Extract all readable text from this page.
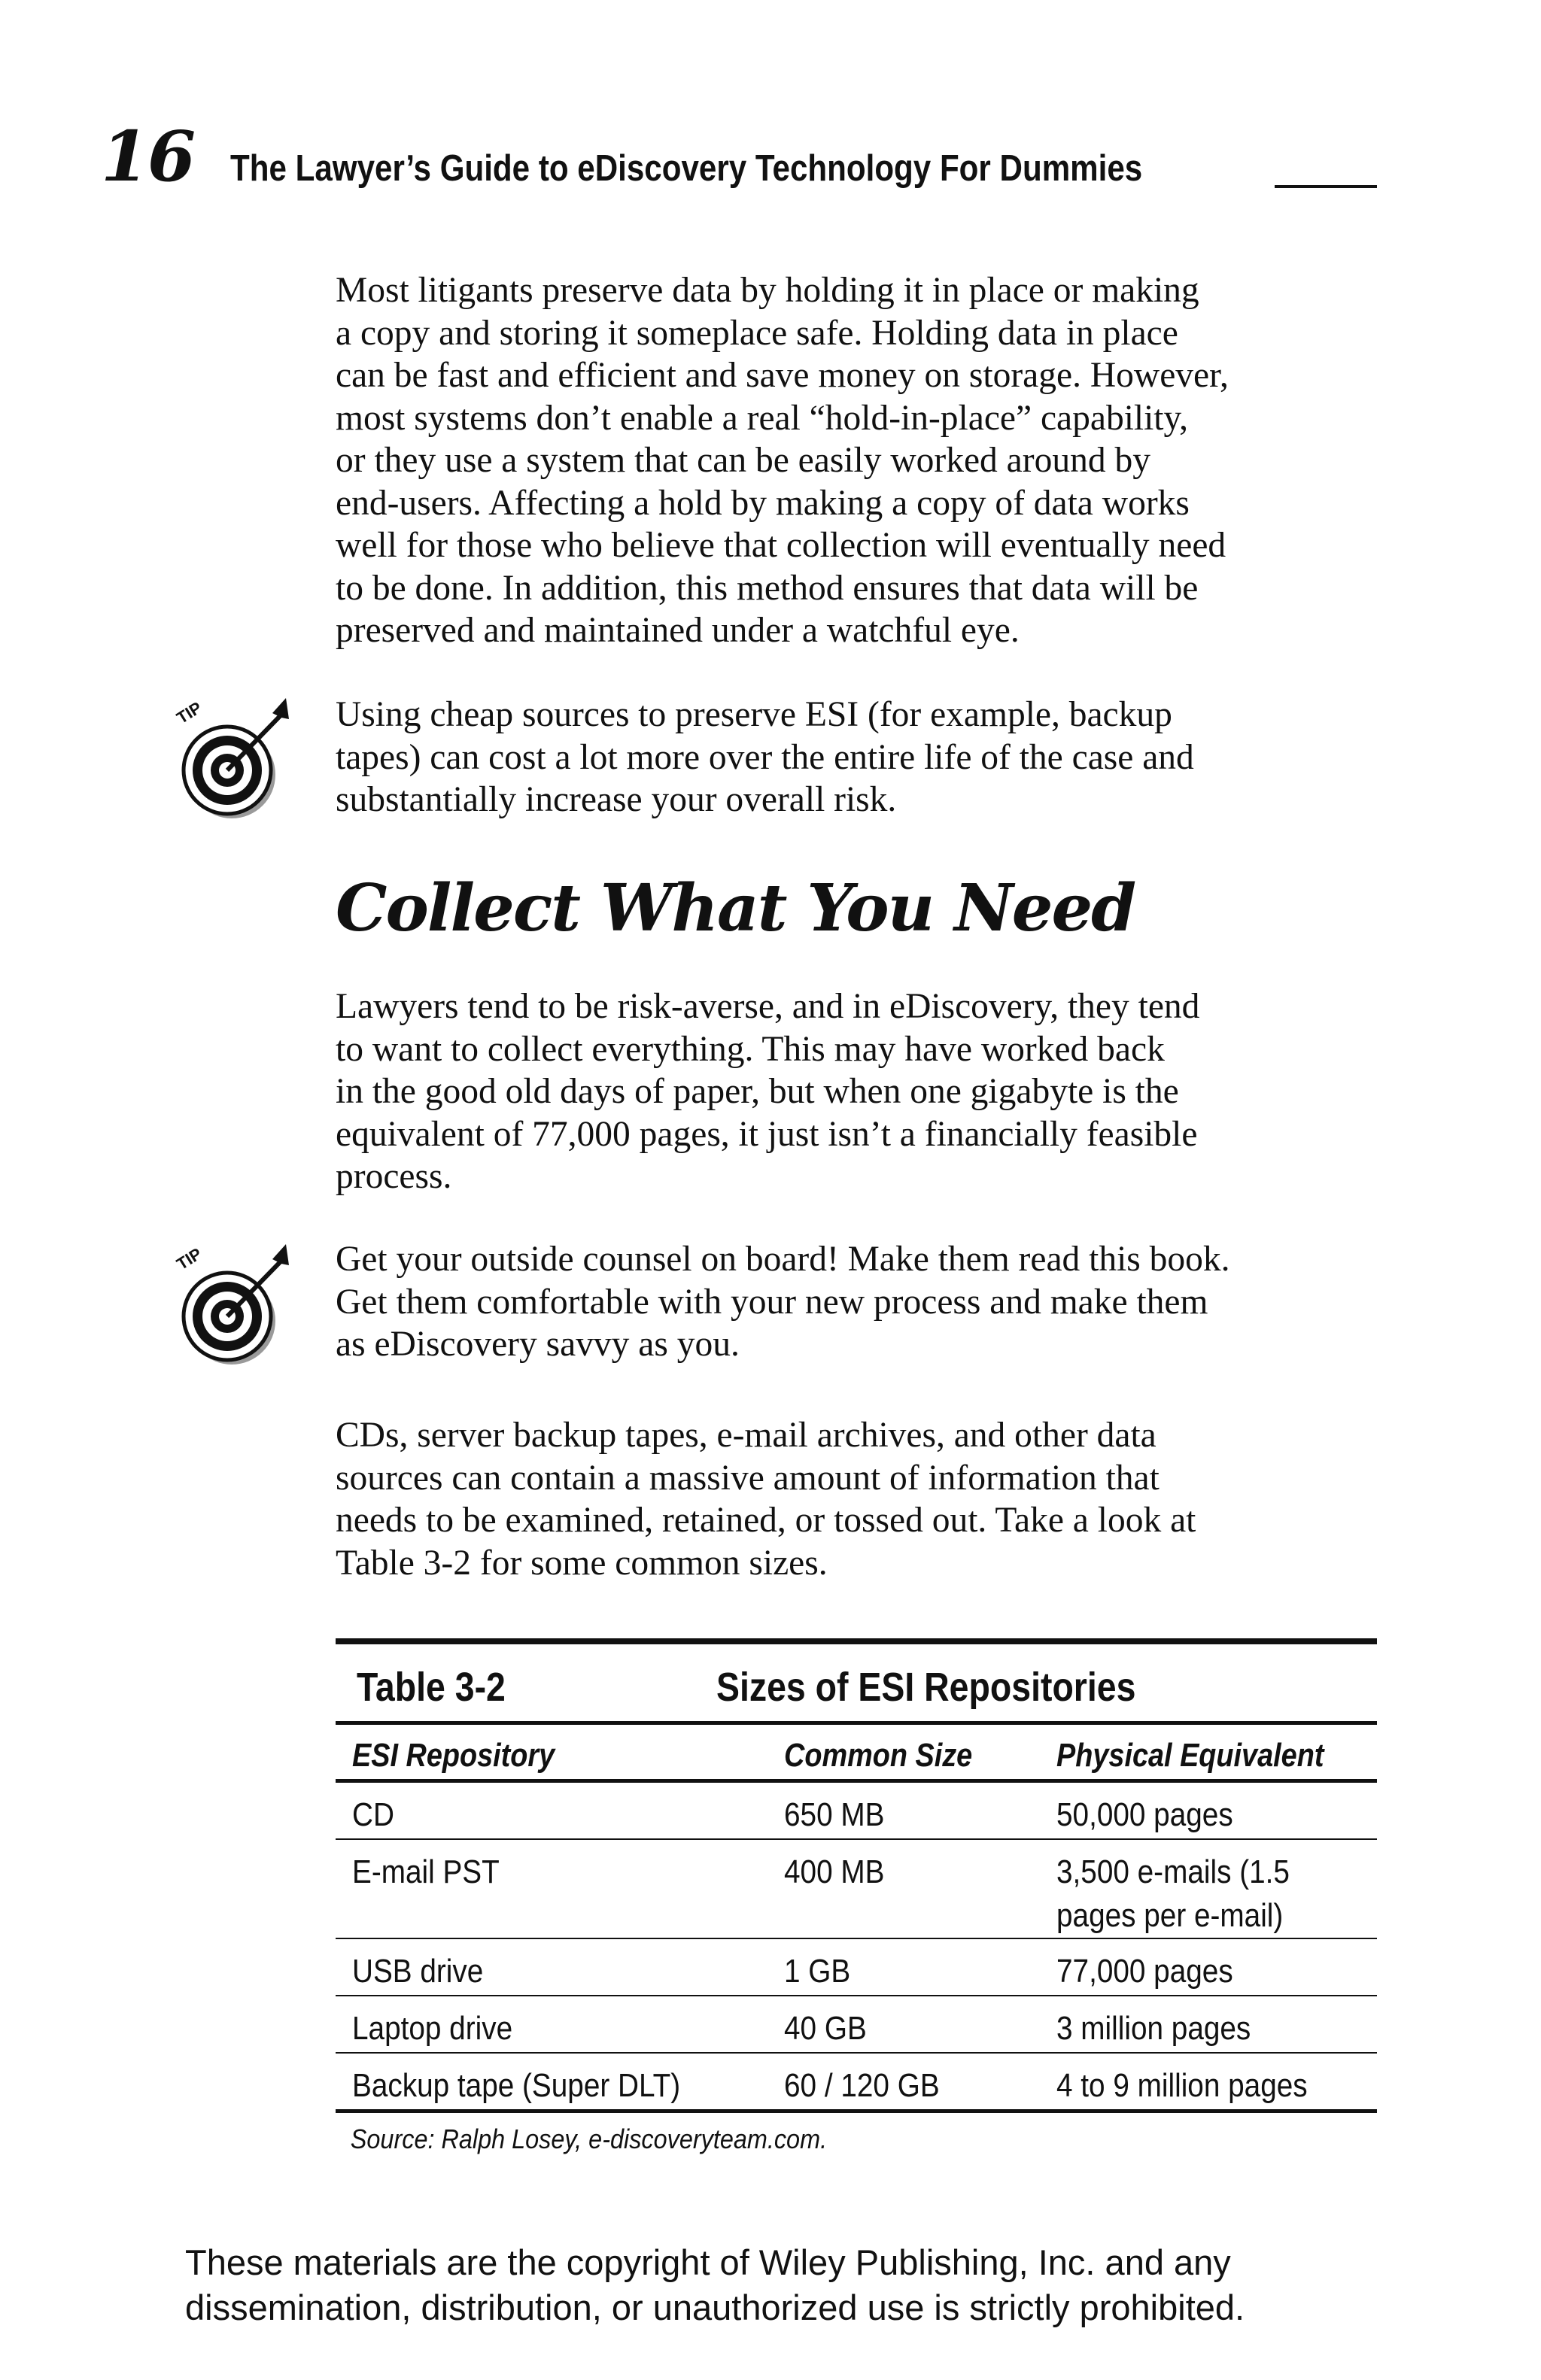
16 The Lawyer’s Guide to eDiscovery Technology For Dummies

Most litigants preserve data by holding it in place or making
a copy and storing it someplace safe. Holding data in place
can be fast and efficient and save money on storage. However,
most systems don’t enable a real “hold-in-place” capability,
or they use a system that can be easily worked around by
end-users. Affecting a hold by making a copy of data works
well for those who believe that collection will eventually need
to be done. In addition, this method ensures that data will be
preserved and maintained under a watchful eye.

TIP	Using cheap sources to preserve ESI (for example, backup
tapes) can cost a lot more over the entire life of the case and
substantially increase your overall risk.

Collect What You Need

Lawyers tend to be risk-averse, and in eDiscovery, they tend
to want to collect everything. This may have worked back
in the good old days of paper, but when one gigabyte is the
equivalent of 77,000 pages, it just isn’t a financially feasible
process.

TIP	Get your outside counsel on board! Make them read this book.
Get them comfortable with your new process and make them
as eDiscovery savvy as you.

CDs, server backup tapes, e-mail archives, and other data
sources can contain a massive amount of information that
needs to be examined, retained, or tossed out. Take a look at
Table 3-2 for some common sizes.

Table 3-2	Sizes of ESI Repositories
ESI Repository	Common Size	Physical Equivalent
CD	650 MB	50,000 pages
E-mail PST	400 MB	3,500 e-mails (1.5
pages per e-mail)
USB drive	1 GB	77,000 pages
Laptop drive	40 GB	3 million pages
Backup tape (Super DLT)	60 / 120 GB	4 to 9 million pages
Source: Ralph Losey, e-discoveryteam.com.

These materials are the copyright of Wiley Publishing, Inc. and any
dissemination, distribution, or unauthorized use is strictly prohibited.
